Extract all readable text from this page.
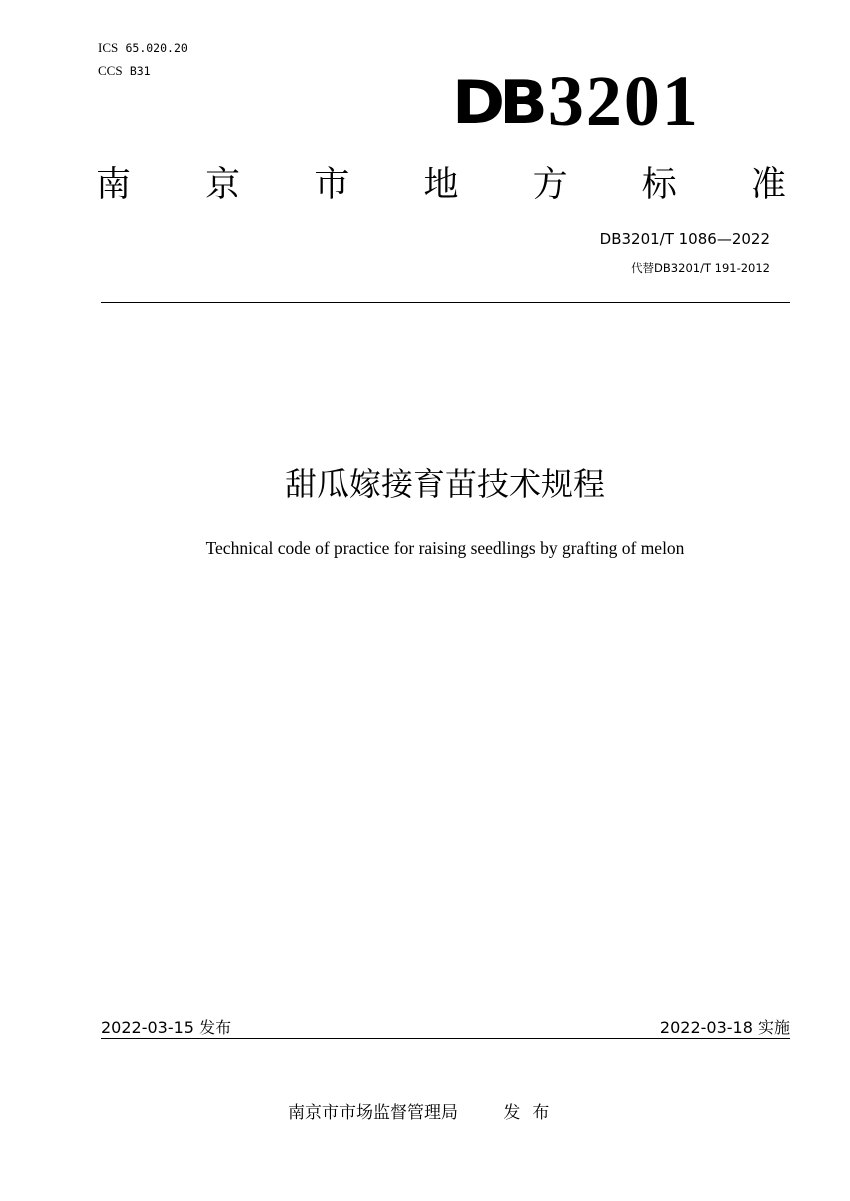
ICS 65.020.20
CCS B31	DB 3201
南 京 市 地 方 标 准
DB3201/T 1086—2022
代替DB3201/T 191-2012
甜瓜嫁接育苗技术规程
Technical code of practice for raising seedlings by grafting of melon
2022-03-15 发布	2022-03-18 实施
南京市市场监督管理局	发布
